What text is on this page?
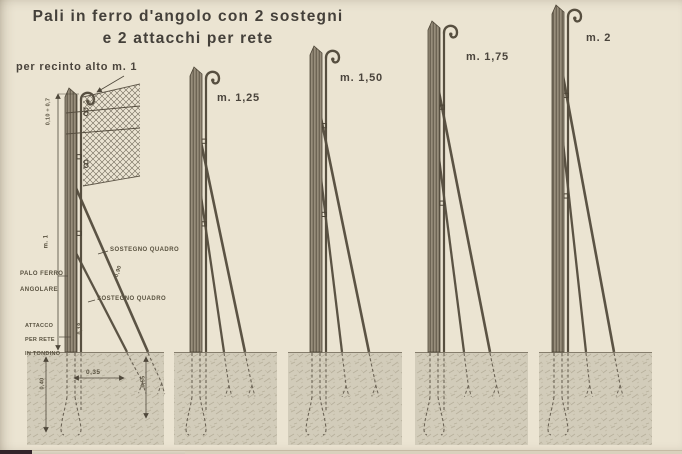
Pali in ferro d'angolo con 2 sostegni
e 2 attacchi per rete
per recinto alto m. 1
m. 1,25
m. 1,50
m. 1,75
m. 2
m. 1
0,10 ÷ 0,7

PALO FERRO

ANGOLARE

SOSTEGNO QUADRO
0,90
SOSTEGNO QUADRO

ATTACCO

PER RETE

IN TONDINO

0,18
0,40
0,35
0,55
